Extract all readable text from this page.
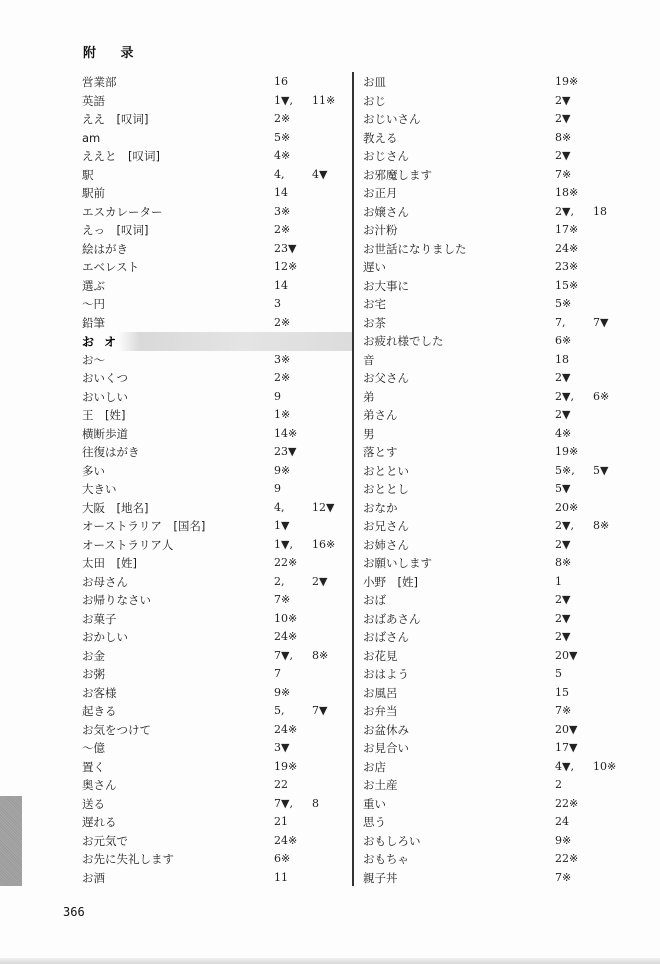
附 录
営業部	16
英語	1▼, 11※
ええ　[叹词]	2※
am	5※
ええと　[叹词]	4※
駅	4,	4▼
駅前	14
エスカレーター	3※
えっ　[叹词]	2※
絵はがき	23▼
エベレスト	12※
選ぶ	14
～円	3
鉛筆	2※
お オ
お～	3※
おいくつ	2※
おいしい	9
王　[姓]	1※
横断歩道	14※
往復はがき	23▼
多い	9※
大きい	9
大阪　[地名]	4,	12▼
オーストラリア　[国名]	1▼
オーストラリア人	1▼, 16※
太田　[姓]	22※
お母さん	2,	2▼
お帰りなさい	7※
お菓子	10※
おかしい	24※
お金	7▼, 8※
お粥	7
お客様	9※
起きる	5,	7▼
お気をつけて	24※
～億	3▼
置く	19※
奥さん	22
送る	7▼, 8
遅れる	21
お元気で	24※
お先に失礼します	6※
お酒	11
お皿	19※
おじ	2▼
おじいさん	2▼
教える	8※
おじさん	2▼
お邪魔します	7※
お正月	18※
お嬢さん	2▼, 18
お汁粉	17※
お世話になりました	24※
遅い	23※
お大事に	15※
お宅	5※
お茶	7,	7▼
お疲れ様でした	6※
音	18
お父さん	2▼
弟	2▼, 6※
弟さん	2▼
男	4※
落とす	19※
おととい	5※, 5▼
おととし	5▼
おなか	20※
お兄さん	2▼, 8※
お姉さん	2▼
お願いします	8※
小野　[姓]	1
おば	2▼
おばあさん	2▼
おばさん	2▼
お花見	20▼
おはよう	5
お風呂	15
お弁当	7※
お盆休み	20▼
お見合い	17▼
お店	4▼, 10※
お土産	2
重い	22※
思う	24
おもしろい	9※
おもちゃ	22※
親子丼	7※
366
